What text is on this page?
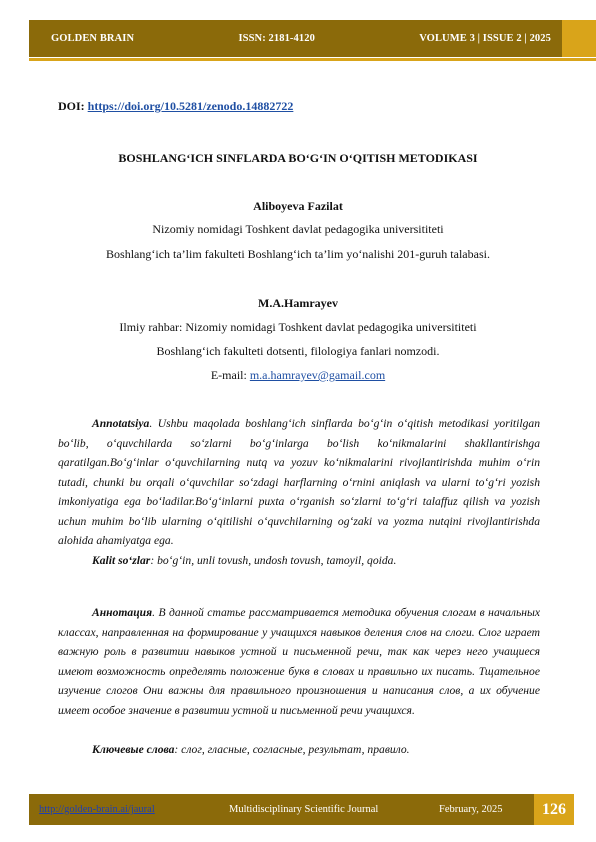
GOLDEN BRAIN	ISSN: 2181-4120	VOLUME 3 | ISSUE 2 | 2025
DOI: https://doi.org/10.5281/zenodo.14882722
BOSHLANG‘ICH SINFLARDA BO‘G‘IN O‘QITISH METODIKASI
Aliboyeva Fazilat
Nizomiy nomidagi Toshkent davlat pedagogika universititeti
Boshlang‘ich ta’lim fakulteti Boshlang‘ich ta’lim yo‘nalishi 201-guruh talabasi.
M.A.Hamrayev
Ilmiy rahbar: Nizomiy nomidagi Toshkent davlat pedagogika universititeti
Boshlang‘ich fakulteti dotsenti, filologiya fanlari nomzodi.
E-mail: m.a.hamrayev@gamail.com
Annotatsiya. Ushbu maqolada boshlang‘ich sinflarda bo‘g‘in o‘qitish metodikasi yoritilgan bo‘lib, o‘quvchilarda so‘zlarni bo‘g‘inlarga bo‘lish ko‘nikmalarini shakllantirishga qaratilgan.Bo‘g‘inlar o‘quvchilarning nutq va yozuv ko‘nikmalarini rivojlantirishda muhim o‘rin tutadi, chunki bu orqali o‘quvchilar so‘zdagi harflarning o‘rnini aniqlash va ularni to‘g‘ri yozish imkoniyatiga ega bo‘ladilar.Bo‘g‘inlarni puxta o‘rganish so‘zlarni to‘g‘ri talaffuz qilish va yozish uchun muhim bo‘lib ularning o‘qitilishi o‘quvchilarning og‘zaki va yozma nutqini rivojlantirishda alohida ahamiyatga ega.
Kalit so‘zlar: bo‘g‘in, unli tovush, undosh tovush, tamoyil, qoida.
Аннотация. В данной статье рассматривается методика обучения слогам в начальных классах, направленная на формирование у учащихся навыков деления слов на слоги. Слог играет важную роль в развитии навыков устной и письменной речи, так как через него учащиеся имеют возможность определять положение букв в словах и правильно их писать. Тщательное изучение слогов Они важны для правильного произношения и написания слов, а их обучение имеет особое значение в развитии устной и письменной речи учащихся.
Ключевые слова: слог, гласные, согласные, результат, правило.
http://golden-brain.ai/jaural	Multidisciplinary Scientific Journal	February, 2025	126
